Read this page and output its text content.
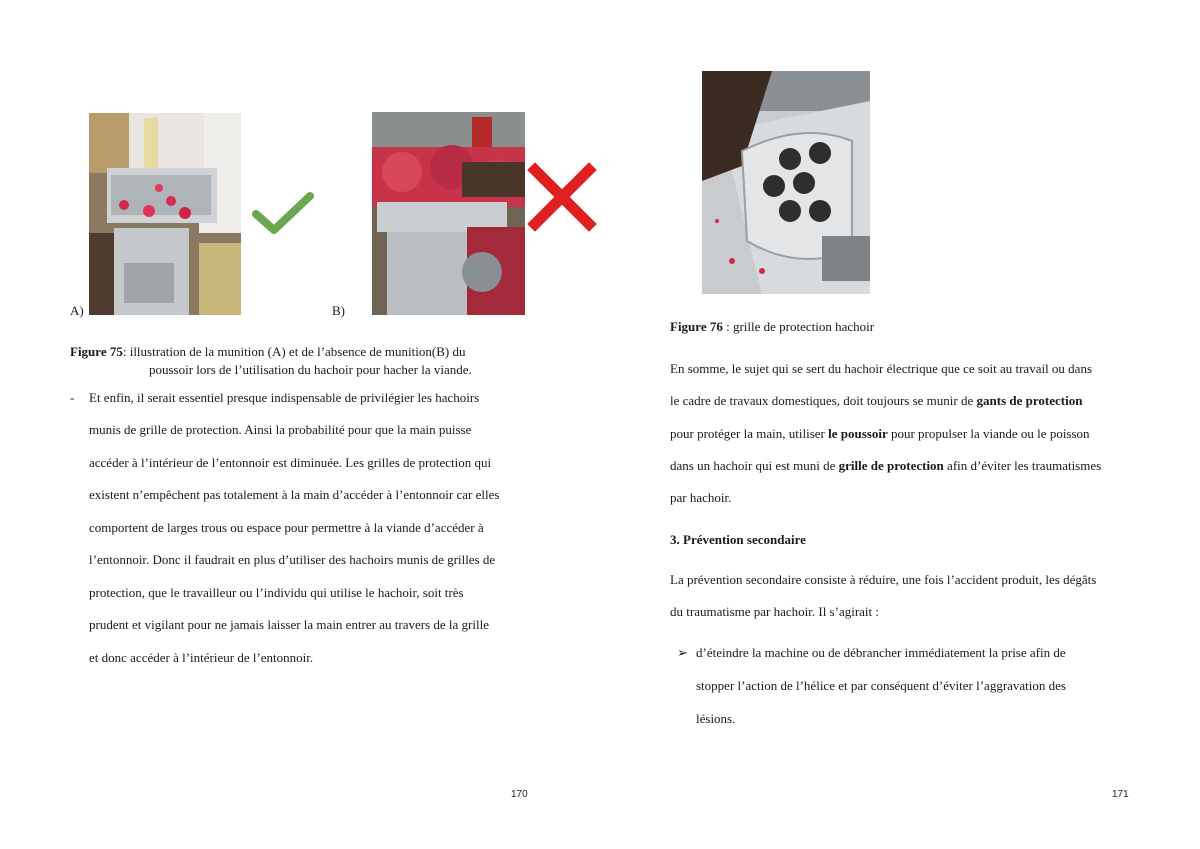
A)	B)
Figure 75: illustration de la munition (A) et de l’absence de munition(B) du
poussoir lors de l’utilisation du hachoir pour hacher la viande.
- Et enfin, il serait essentiel presque indispensable de privilégier les hachoirs
munis de grille de protection. Ainsi la probabilité pour que la main puisse
accéder à l’intérieur de l’entonnoir est diminuée. Les grilles de protection qui
existent n’empêchent pas totalement à la main d’accéder à l’entonnoir car elles
comportent de larges trous ou espace pour permettre à la viande d’accéder à
l’entonnoir. Donc il faudrait en plus d’utiliser des hachoirs munis de grilles de
protection, que le travailleur ou l’individu qui utilise le hachoir, soit très
prudent et vigilant pour ne jamais laisser la main entrer au travers de la grille
et donc accéder à l’intérieur de l’entonnoir.
170
Figure 76 : grille de protection hachoir
En somme, le sujet qui se sert du hachoir électrique que ce soit au travail ou dans
le cadre de travaux domestiques, doit toujours se munir de gants de protection
pour protéger la main, utiliser le poussoir pour propulser la viande ou le poisson
dans un hachoir qui est muni de grille de protection afin d’éviter les traumatismes
par hachoir.
3. Prévention secondaire
La prévention secondaire consiste à réduire, une fois l’accident produit, les dégâts
du traumatisme par hachoir. Il s’agirait :
➢ d’éteindre la machine ou de débrancher immédiatement la prise afin de
stopper l’action de l’hélice et par conséquent d’éviter l’aggravation des
lésions.
171
